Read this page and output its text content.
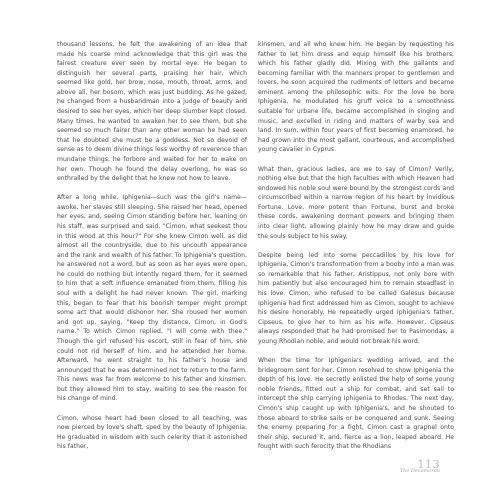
thousand lessons, he felt the awakening of an idea that made his coarse mind acknowledge that this girl was the fairest creature ever seen by mortal eye. He began to distinguish her several parts, praising her hair, which seemed like gold, her brow, nose, mouth, throat, arms, and above all, her bosom, which was just budding. As he gazed, he changed from a husbandman into a judge of beauty and desired to see her eyes, which her deep slumber kept closed. Many times, he wanted to awaken her to see them, but she seemed so much fairer than any other woman he had seen that he doubted she must be a goddess. Not so devoid of sense as to deem divine things less worthy of reverence than mundane things, he forbore and waited for her to wake on her own. Though he found the delay overlong, he was so enthralled by the delight that he knew not how to leave.

After a long while, Iphigenia—such was the girl's name—awoke, her slaves still sleeping. She raised her head, opened her eyes, and, seeing Cimon standing before her, leaning on his staff, was surprised and said, "Cimon, what seekest thou in this wood at this hour?" For she knew Cimon well, as did almost all the countryside, due to his uncouth appearance and the rank and wealth of his father. To Iphigenia's question, he answered not a word, but as soon as her eyes were open, he could do nothing but intently regard them, for it seemed to him that a soft influence emanated from them, filling his soul with a delight he had never known. The girl, marking this, began to fear that his boorish temper might prompt some act that would dishonor her. She roused her women and got up, saying, "Keep thy distance, Cimon, in God's name." To which Cimon replied, "I will come with thee." Though the girl refused his escort, still in fear of him, she could not rid herself of him, and he attended her home. Afterward, he went straight to his father's house and announced that he was determined not to return to the farm. This news was far from welcome to his father and kinsmen, but they allowed him to stay, waiting to see the reason for his change of mind.

Cimon, whose heart had been closed to all teaching, was now pierced by love's shaft, sped by the beauty of Iphigenia. He graduated in wisdom with such celerity that it astonished his father,

kinsmen, and all who knew him. He began by requesting his father to let him dress and equip himself like his brothers, which his father gladly did. Mixing with the gallants and becoming familiar with the manners proper to gentlemen and lovers, he soon acquired the rudiments of letters and became eminent among the philosophic wits. For the love he bore Iphigenia, he modulated his gruff voice to a smoothness suitable for urbane life, became accomplished in singing and music, and excelled in riding and matters of warby sea and land. In sum, within four years of first becoming enamored, he had grown into the most gallant, courteous, and accomplished young cavalier in Cyprus.

What then, gracious ladies, are we to say of Cimon? Verily, nothing else but that the high faculties with which Heaven had endowed his noble soul were bound by the strongest cords and circumscribed within a narrow region of his heart by invidious Fortune. Love, more potent than Fortune, burst and broke these cords, awakening dormant powers and bringing them into clear light, allowing plainly how he may draw and guide the souls subject to his sway.

Despite being led into some peccadillos by his love for Iphigenia, Cimon's transformation from a booby into a man was so remarkable that his father, Aristippus, not only bore with him patiently but also encouraged him to remain steadfast in his love. Cimon, who refused to be called Galesus because Iphigenia had first addressed him as Cimon, sought to achieve his desire honorably. He repeatedly urged Iphigenia's father, Cipseus, to give her to him as his wife. However, Cipseus always responded that he had promised her to Pasimondas, a young Rhodian noble, and would not break his word.

When the time for Iphigenia's wedding arrived, and the bridegroom sent for her, Cimon resolved to show Iphigenia the depth of his love. He secretly enlisted the help of some young noble friends, fitted out a ship for combat, and set sail to intercept the ship carrying Iphigenia to Rhodes. The next day, Cimon's ship caught up with Iphigenia's, and he shouted to those aboard to strike sails or be conquered and sunk. Seeing the enemy preparing for a fight, Cimon cast a grapnel onto their ship, secured it, and, fierce as a lion, leaped aboard. He fought with such ferocity that the Rhodians

113
The Decameron
